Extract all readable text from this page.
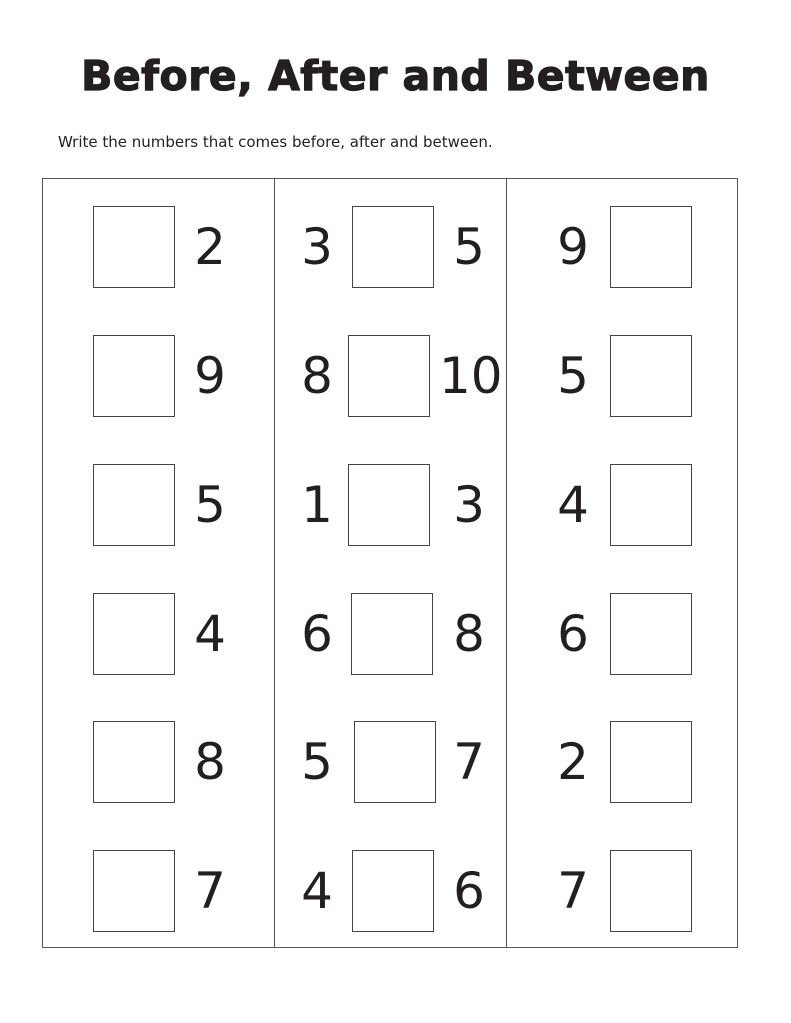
Before, After and Between
Write the numbers that comes before, after and between.
2
9
5
4
8
7
3 5
8 10
1 3
6 8
5 7
4 6
9
5
4
6
2
7
